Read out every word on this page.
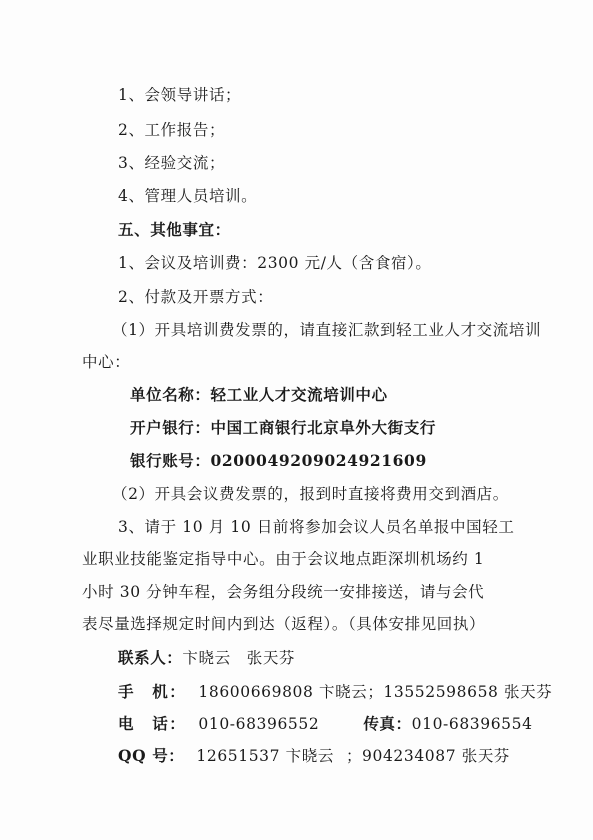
1、会领导讲话；
2、工作报告；
3、经验交流；
4、管理人员培训。
五、其他事宜：
1、会议及培训费：2300 元/人（含食宿）。
2、付款及开票方式：
（1）开具培训费发票的，请直接汇款到轻工业人才交流培训
中心：
单位名称：轻工业人才交流培训中心
开户银行：中国工商银行北京阜外大街支行
银行账号：0200049209024921609
（2）开具会议费发票的，报到时直接将费用交到酒店。
3、请于 10 月 10 日前将参加会议人员名单报中国轻工
业职业技能鉴定指导中心。由于会议地点距深圳机场约 1
小时 30 分钟车程，会务组分段统一安排接送，请与会代
表尽量选择规定时间内到达（返程）。（具体安排见回执）
联系人：卞晓云　张天芬
手　机： 18600669808 卞晓云；13552598658 张天芬
电　话： 010-68396552	传真：010-68396554
QQ 号： 12651537 卞晓云 ；904234087 张天芬
